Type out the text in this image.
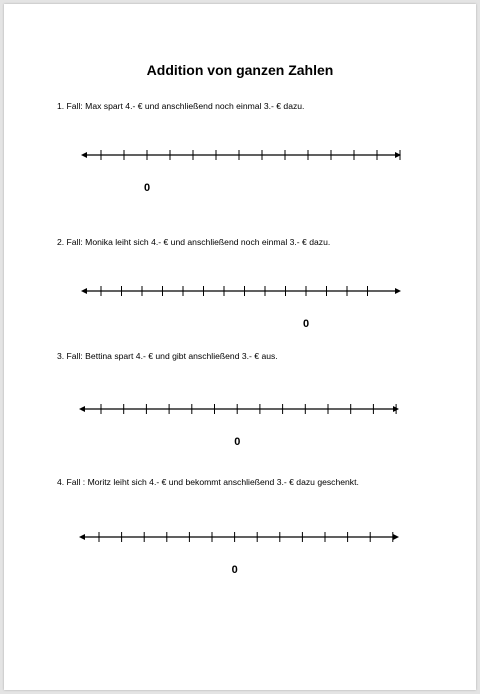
Addition von ganzen Zahlen
1. Fall: Max spart 4.- € und anschließend noch einmal 3.- € dazu.
0
2. Fall: Monika leiht sich 4.- € und anschließend noch einmal 3.- € dazu.
0
3. Fall: Bettina spart 4.- € und gibt anschließend 3.- € aus.
0
4. Fall : Moritz leiht sich 4.- € und bekommt anschließend 3.- € dazu geschenkt.
0
